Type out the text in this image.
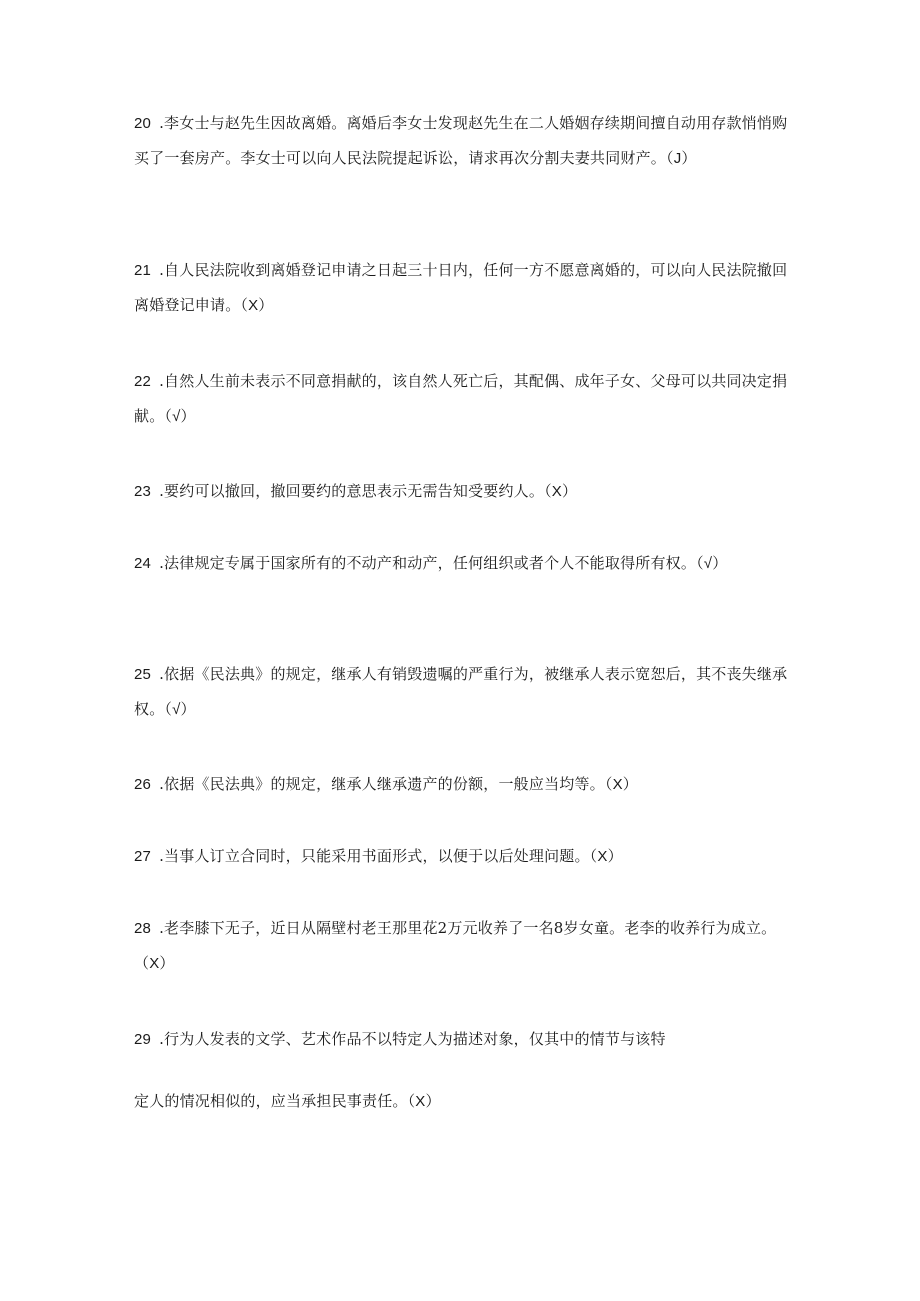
20 .李女士与赵先生因故离婚。离婚后李女士发现赵先生在二人婚姻存续期间擅自动用存款悄悄购买了一套房产。李女士可以向人民法院提起诉讼，请求再次分割夫妻共同财产。（J）

21 .自人民法院收到离婚登记申请之日起三十日内，任何一方不愿意离婚的，可以向人民法院撤回离婚登记申请。（X）

22 .自然人生前未表示不同意捐献的，该自然人死亡后，其配偶、成年子女、父母可以共同决定捐献。（√）

23 .要约可以撤回，撤回要约的意思表示无需告知受要约人。（X）

24 .法律规定专属于国家所有的不动产和动产，任何组织或者个人不能取得所有权。（√）

25 .依据《民法典》的规定，继承人有销毁遗嘱的严重行为，被继承人表示宽恕后，其不丧失继承权。（√）

26 .依据《民法典》的规定，继承人继承遗产的份额，一般应当均等。（X）

27 .当事人订立合同时，只能采用书面形式，以便于以后处理问题。（X）

28 .老李膝下无子，近日从隔壁村老王那里花2万元收养了一名8岁女童。老李的收养行为成立。（X）

29 .行为人发表的文学、艺术作品不以特定人为描述对象，仅其中的情节与该特

定人的情况相似的，应当承担民事责任。（X）
